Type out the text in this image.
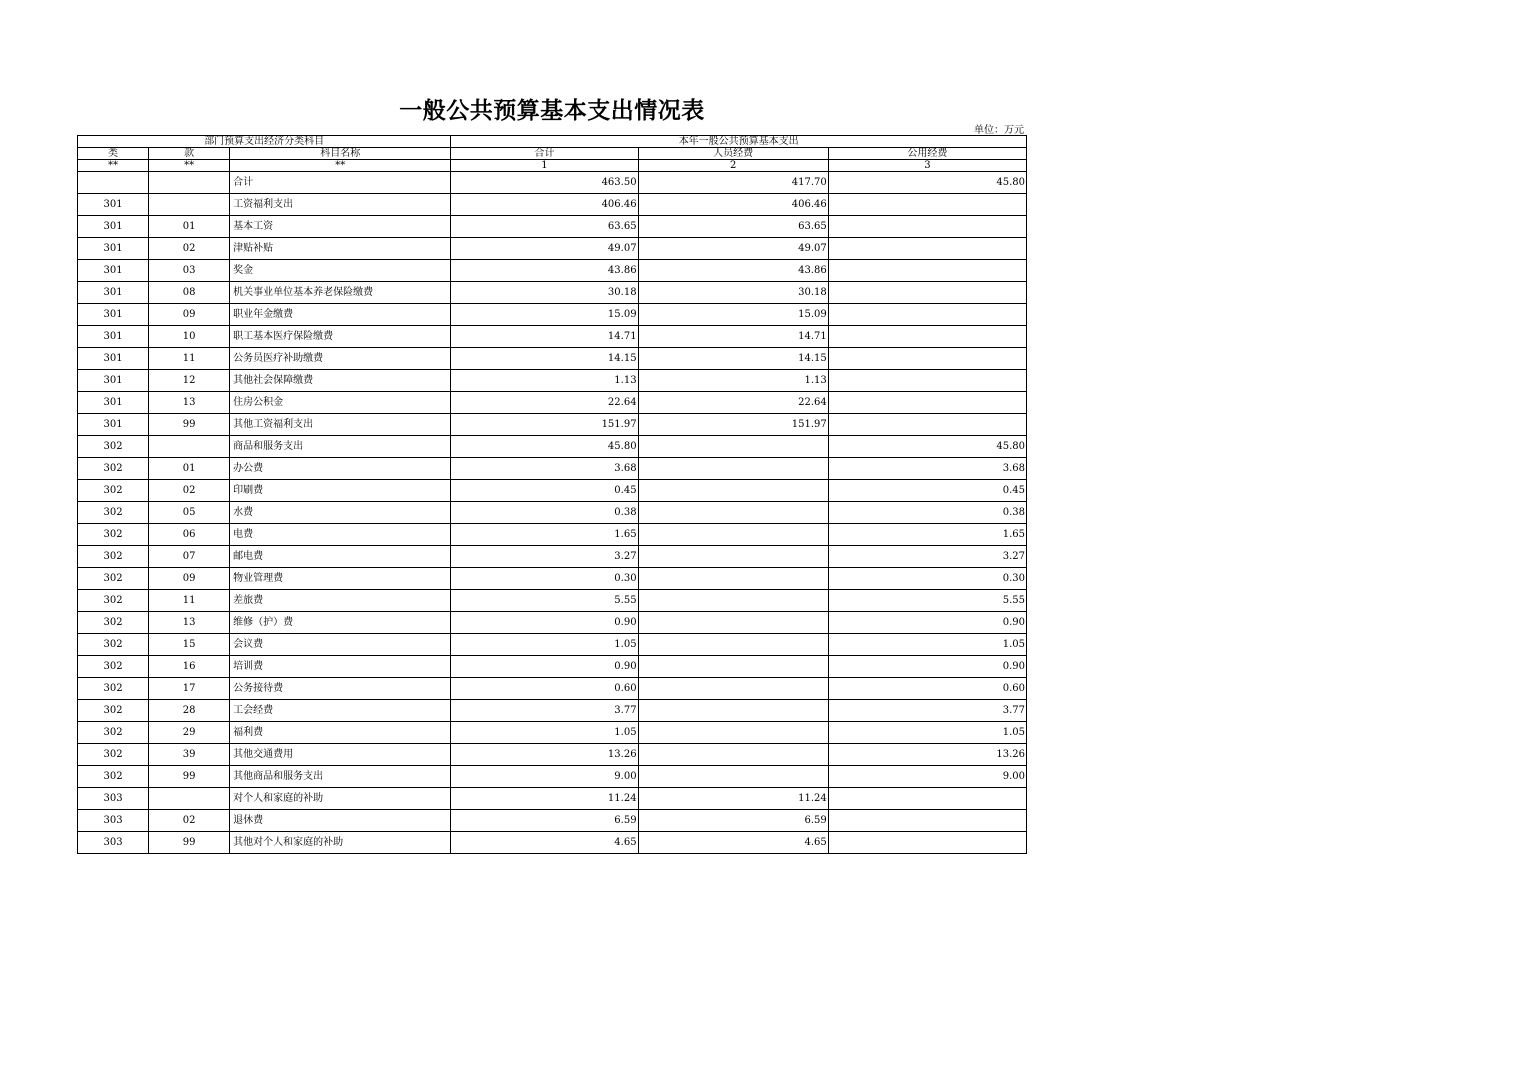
一般公共预算基本支出情况表
单位：万元
部门预算支出经济分类科目			本年一般公共预算基本支出		
类	款	科目名称	合计	人员经费	公用经费
**	**	**	1	2	3
		合计	463.50	417.70	45.80
301		工资福利支出	406.46	406.46	
301	01	基本工资	63.65	63.65	
301	02	津贴补贴	49.07	49.07	
301	03	奖金	43.86	43.86	
301	08	机关事业单位基本养老保险缴费	30.18	30.18	
301	09	职业年金缴费	15.09	15.09	
301	10	职工基本医疗保险缴费	14.71	14.71	
301	11	公务员医疗补助缴费	14.15	14.15	
301	12	其他社会保障缴费	1.13	1.13	
301	13	住房公积金	22.64	22.64	
301	99	其他工资福利支出	151.97	151.97	
302		商品和服务支出	45.80		45.80
302	01	办公费	3.68		3.68
302	02	印刷费	0.45		0.45
302	05	水费	0.38		0.38
302	06	电费	1.65		1.65
302	07	邮电费	3.27		3.27
302	09	物业管理费	0.30		0.30
302	11	差旅费	5.55		5.55
302	13	维修（护）费	0.90		0.90
302	15	会议费	1.05		1.05
302	16	培训费	0.90		0.90
302	17	公务接待费	0.60		0.60
302	28	工会经费	3.77		3.77
302	29	福利费	1.05		1.05
302	39	其他交通费用	13.26		13.26
302	99	其他商品和服务支出	9.00		9.00
303		对个人和家庭的补助	11.24	11.24	
303	02	退休费	6.59	6.59	
303	99	其他对个人和家庭的补助	4.65	4.65	
